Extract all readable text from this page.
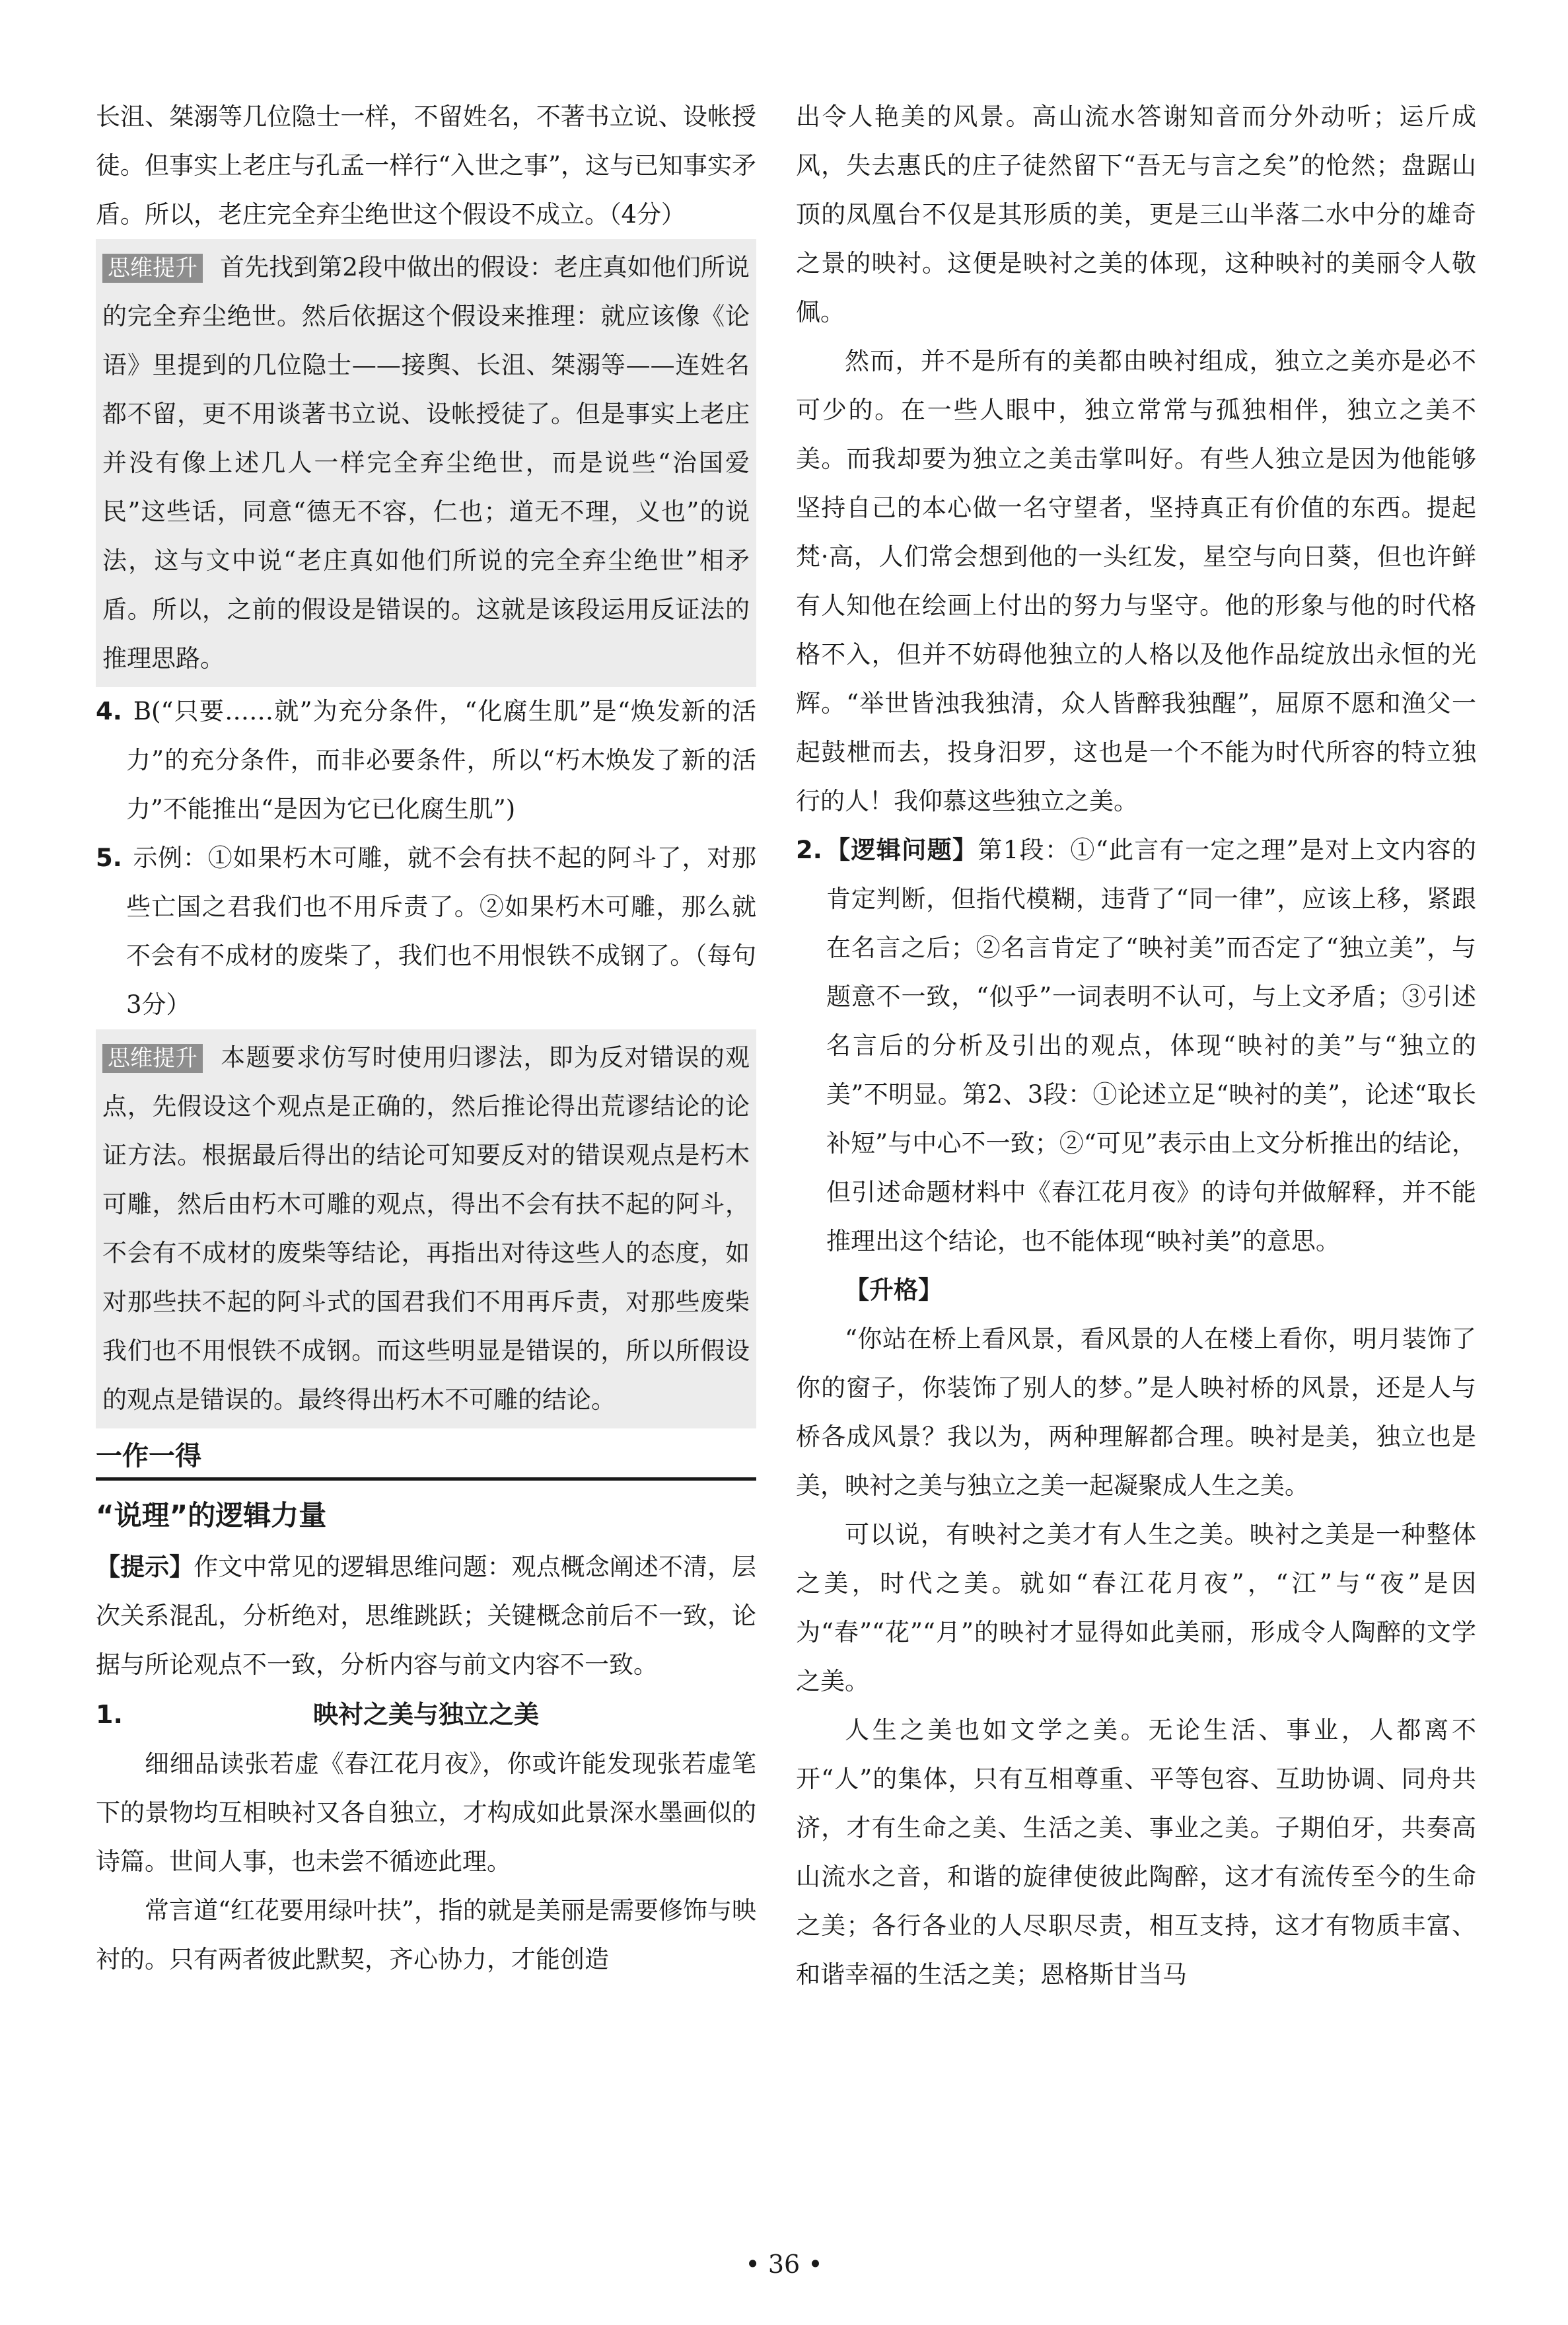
长沮、桀溺等几位隐士一样，不留姓名，不著书立说、设帐授徒。但事实上老庄与孔孟一样行“入世之事”，这与已知事实矛盾。所以，老庄完全弃尘绝世这个假设不成立。（4分）

思维提升 首先找到第2段中做出的假设：老庄真如他们所说的完全弃尘绝世。然后依据这个假设来推理：就应该像《论语》里提到的几位隐士——接舆、长沮、桀溺等——连姓名都不留，更不用谈著书立说、设帐授徒了。但是事实上老庄并没有像上述几人一样完全弃尘绝世，而是说些“治国爱民”这些话，同意“德无不容，仁也；道无不理，义也”的说法，这与文中说“老庄真如他们所说的完全弃尘绝世”相矛盾。所以，之前的假设是错误的。这就是该段运用反证法的推理思路。
4. B(“只要……就”为充分条件，“化腐生肌”是“焕发新的活力”的充分条件，而非必要条件，所以“朽木焕发了新的活力”不能推出“是因为它已化腐生肌”)
5. 示例：①如果朽木可雕，就不会有扶不起的阿斗了，对那些亡国之君我们也不用斥责了。②如果朽木可雕，那么就不会有不成材的废柴了，我们也不用恨铁不成钢了。（每句3分）
思维提升 本题要求仿写时使用归谬法，即为反对错误的观点，先假设这个观点是正确的，然后推论得出荒谬结论的论证方法。根据最后得出的结论可知要反对的错误观点是朽木可雕，然后由朽木可雕的观点，得出不会有扶不起的阿斗，不会有不成材的废柴等结论，再指出对待这些人的态度，如对那些扶不起的阿斗式的国君我们不用再斥责，对那些废柴我们也不用恨铁不成钢。而这些明显是错误的，所以所假设的观点是错误的。最终得出朽木不可雕的结论。
一作一得
“说理”的逻辑力量
【提示】作文中常见的逻辑思维问题：观点概念阐述不清，层次关系混乱，分析绝对，思维跳跃；关键概念前后不一致，论据与所论观点不一致，分析内容与前文内容不一致。
1.	映衬之美与独立之美

细细品读张若虚《春江花月夜》，你或许能发现张若虚笔下的景物均互相映衬又各自独立，才构成如此景深水墨画似的诗篇。世间人事，也未尝不循迹此理。

常言道“红花要用绿叶扶”，指的就是美丽是需要修饰与映衬的。只有两者彼此默契，齐心协力，才能创造

出令人艳美的风景。高山流水答谢知音而分外动听；运斤成风，失去惠氏的庄子徒然留下“吾无与言之矣”的怆然；盘踞山顶的凤凰台不仅是其形质的美，更是三山半落二水中分的雄奇之景的映衬。这便是映衬之美的体现，这种映衬的美丽令人敬佩。

然而，并不是所有的美都由映衬组成，独立之美亦是必不可少的。在一些人眼中，独立常常与孤独相伴，独立之美不美。而我却要为独立之美击掌叫好。有些人独立是因为他能够坚持自己的本心做一名守望者，坚持真正有价值的东西。提起梵·高，人们常会想到他的一头红发，星空与向日葵，但也许鲜有人知他在绘画上付出的努力与坚守。他的形象与他的时代格格不入，但并不妨碍他独立的人格以及他作品绽放出永恒的光辉。“举世皆浊我独清，众人皆醉我独醒”，屈原不愿和渔父一起鼓枻而去，投身汨罗，这也是一个不能为时代所容的特立独行的人！我仰慕这些独立之美。

2. 【逻辑问题】第1段：①“此言有一定之理”是对上文内容的肯定判断，但指代模糊，违背了“同一律”，应该上移，紧跟在名言之后；②名言肯定了“映衬美”而否定了“独立美”，与题意不一致，“似乎”一词表明不认可，与上文矛盾；③引述名言后的分析及引出的观点，体现“映衬的美”与“独立的美”不明显。第2、3段：①论述立足“映衬的美”，论述“取长补短”与中心不一致；②“可见”表示由上文分析推出的结论，但引述命题材料中《春江花月夜》的诗句并做解释，并不能推理出这个结论，也不能体现“映衬美”的意思。

【升格】

“你站在桥上看风景，看风景的人在楼上看你，明月装饰了你的窗子，你装饰了别人的梦。”是人映衬桥的风景，还是人与桥各成风景？我以为，两种理解都合理。映衬是美，独立也是美，映衬之美与独立之美一起凝聚成人生之美。

可以说，有映衬之美才有人生之美。映衬之美是一种整体之美，时代之美。就如“春江花月夜”，“江”与“夜”是因为“春”“花”“月”的映衬才显得如此美丽，形成令人陶醉的文学之美。

人生之美也如文学之美。无论生活、事业，人都离不开“人”的集体，只有互相尊重、平等包容、互助协调、同舟共济，才有生命之美、生活之美、事业之美。子期伯牙，共奏高山流水之音，和谐的旋律使彼此陶醉，这才有流传至今的生命之美；各行各业的人尽职尽责，相互支持，这才有物质丰富、和谐幸福的生活之美；恩格斯甘当马

• 36 •
